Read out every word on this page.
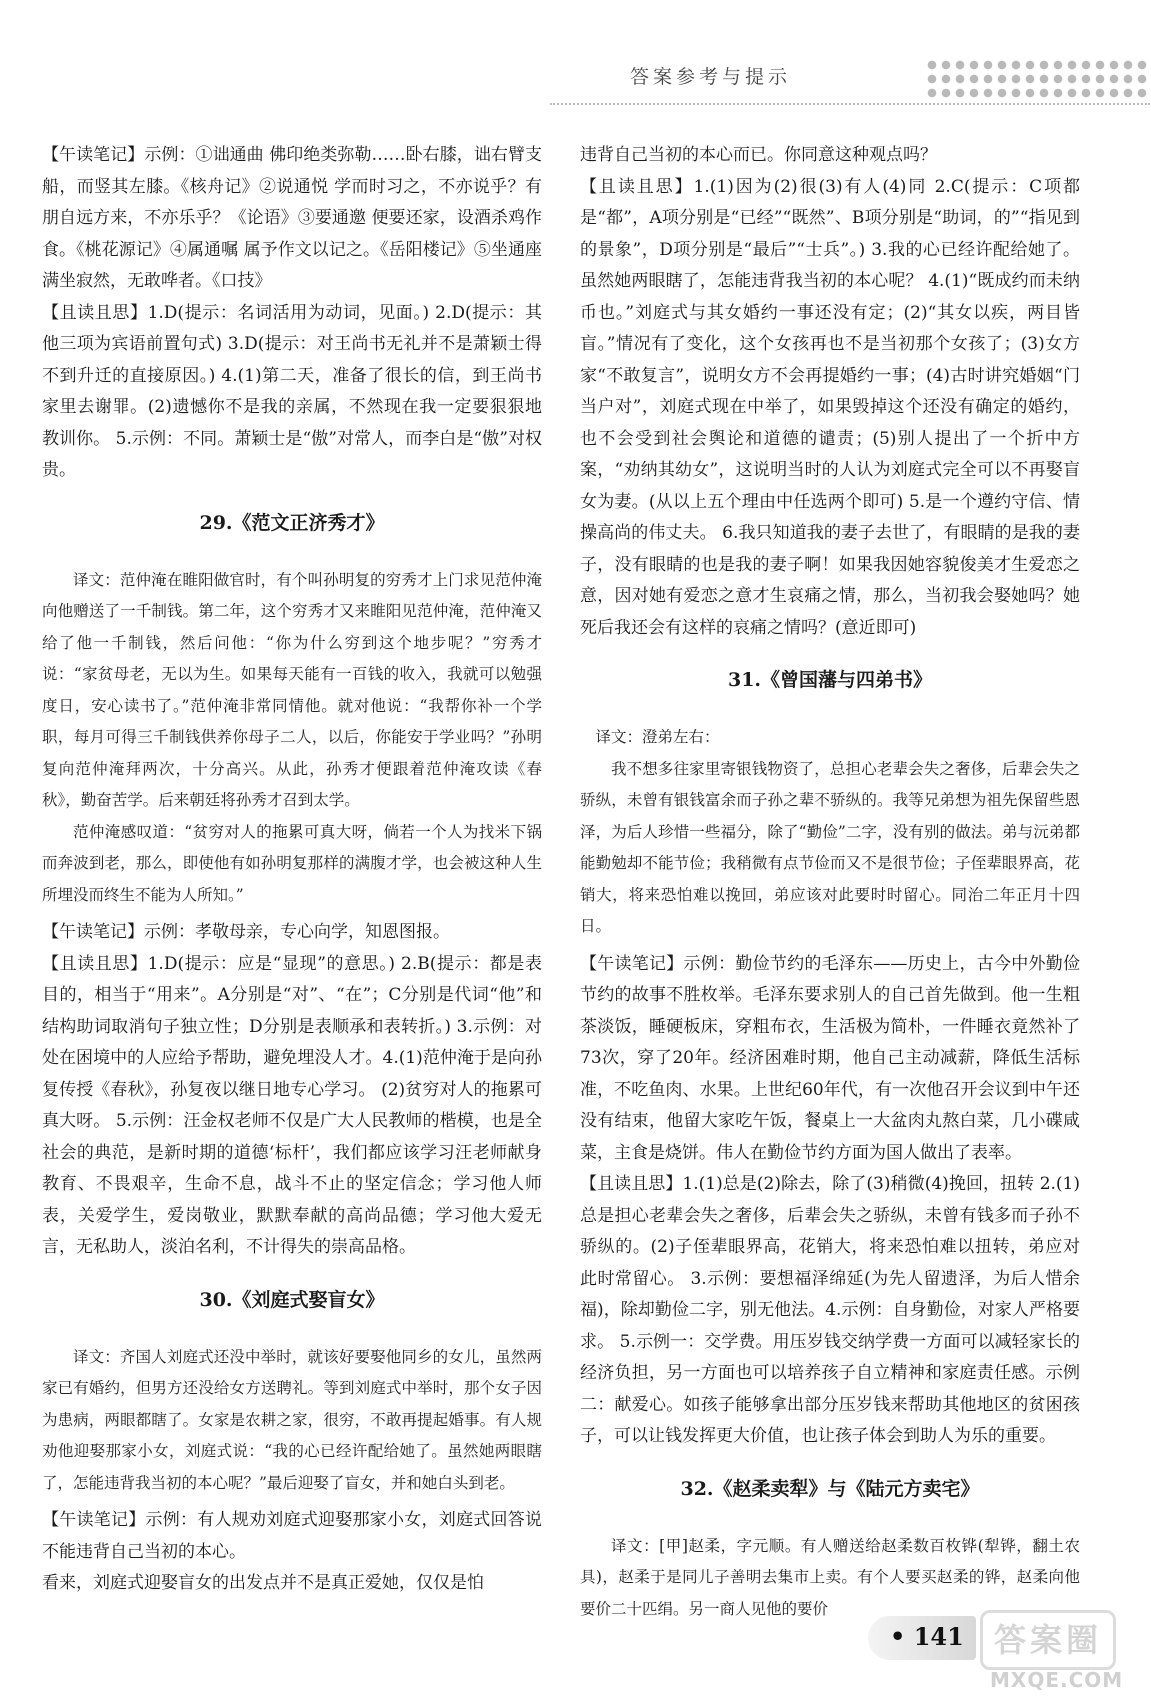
答案参考与提示

【午读笔记】示例：①诎通曲 佛印绝类弥勒……卧右膝，诎右臂支船，而竖其左膝。《核舟记》②说通悦 学而时习之，不亦说乎？有朋自远方来，不亦乐乎？《论语》③要通邀 便要还家，设酒杀鸡作食。《桃花源记》④属通嘱 属予作文以记之。《岳阳楼记》⑤坐通座 满坐寂然，无敢哗者。《口技》

【且读且思】1.D(提示：名词活用为动词，见面。) 2.D(提示：其他三项为宾语前置句式) 3.D(提示：对王尚书无礼并不是萧颖士得不到升迁的直接原因。) 4.(1)第二天，准备了很长的信，到王尚书家里去谢罪。(2)遗憾你不是我的亲属，不然现在我一定要狠狠地教训你。 5.示例：不同。萧颖士是“傲”对常人，而李白是“傲”对权贵。

29.《范文正济秀才》

译文：范仲淹在睢阳做官时，有个叫孙明复的穷秀才上门求见范仲淹向他赠送了一千制钱。第二年，这个穷秀才又来睢阳见范仲淹，范仲淹又给了他一千制钱，然后问他：“你为什么穷到这个地步呢？”穷秀才说：“家贫母老，无以为生。如果每天能有一百钱的收入，我就可以勉强度日，安心读书了。”范仲淹非常同情他。就对他说：“我帮你补一个学职，每月可得三千制钱供养你母子二人，以后，你能安于学业吗？”孙明复向范仲淹拜两次，十分高兴。从此，孙秀才便跟着范仲淹攻读《春秋》，勤奋苦学。后来朝廷将孙秀才召到太学。

范仲淹感叹道：“贫穷对人的拖累可真大呀，倘若一个人为找米下锅而奔波到老，那么，即使他有如孙明复那样的满腹才学，也会被这种人生所埋没而终生不能为人所知。”

【午读笔记】示例：孝敬母亲，专心向学，知恩图报。

【且读且思】1.D(提示：应是“显现”的意思。) 2.B(提示：都是表目的，相当于“用来”。A分别是“对”、“在”；C分别是代词“他”和结构助词取消句子独立性；D分别是表顺承和表转折。) 3.示例：对处在困境中的人应给予帮助，避免埋没人才。4.(1)范仲淹于是向孙复传授《春秋》，孙复夜以继日地专心学习。 (2)贫穷对人的拖累可真大呀。 5.示例：汪金权老师不仅是广大人民教师的楷模，也是全社会的典范，是新时期的道德‘标杆’，我们都应该学习汪老师献身教育、不畏艰辛，生命不息，战斗不止的坚定信念；学习他人师表，关爱学生，爱岗敬业，默默奉献的高尚品德；学习他大爱无言，无私助人，淡泊名利，不计得失的崇高品格。

30.《刘庭式娶盲女》

译文：齐国人刘庭式还没中举时，就该好要娶他同乡的女儿，虽然两家已有婚约，但男方还没给女方送聘礼。等到刘庭式中举时，那个女子因为患病，两眼都瞎了。女家是农耕之家，很穷，不敢再提起婚事。有人规劝他迎娶那家小女，刘庭式说：“我的心已经许配给她了。虽然她两眼瞎了，怎能违背我当初的本心呢？”最后迎娶了盲女，并和她白头到老。

【午读笔记】示例：有人规劝刘庭式迎娶那家小女，刘庭式回答说不能违背自己当初的本心。

看来，刘庭式迎娶盲女的出发点并不是真正爱她，仅仅是怕

违背自己当初的本心而已。你同意这种观点吗？

【且读且思】1.(1)因为(2)很(3)有人(4)同 2.C(提示：C项都是“都”，A项分别是“已经”“既然”、B项分别是“助词，的”“指见到的景象”，D项分别是“最后”“士兵”。) 3.我的心已经许配给她了。虽然她两眼瞎了，怎能违背我当初的本心呢？ 4.(1)“既成约而未纳币也。”刘庭式与其女婚约一事还没有定；(2)“其女以疾，两目皆盲。”情况有了变化，这个女孩再也不是当初那个女孩了；(3)女方家“不敢复言”，说明女方不会再提婚约一事；(4)古时讲究婚姻“门当户对”，刘庭式现在中举了，如果毁掉这个还没有确定的婚约，也不会受到社会舆论和道德的谴责；(5)别人提出了一个折中方案，“劝纳其幼女”，这说明当时的人认为刘庭式完全可以不再娶盲女为妻。(从以上五个理由中任选两个即可) 5.是一个遵约守信、情操高尚的伟丈夫。 6.我只知道我的妻子去世了，有眼睛的是我的妻子，没有眼睛的也是我的妻子啊！如果我因她容貌俊美才生爱恋之意，因对她有爱恋之意才生哀痛之情，那么，当初我会娶她吗？她死后我还会有这样的哀痛之情吗？(意近即可)

31.《曾国藩与四弟书》

译文：澄弟左右：

我不想多往家里寄银钱物资了，总担心老辈会失之奢侈，后辈会失之骄纵，未曾有银钱富余而子孙之辈不骄纵的。我等兄弟想为祖先保留些恩泽，为后人珍惜一些福分，除了“勤俭”二字，没有别的做法。弟与沅弟都能勤勉却不能节俭；我稍微有点节俭而又不是很节俭；子侄辈眼界高，花销大，将来恐怕难以挽回，弟应该对此要时时留心。同治二年正月十四日。

【午读笔记】示例：勤俭节约的毛泽东——历史上，古今中外勤俭节约的故事不胜枚举。毛泽东要求别人的自己首先做到。他一生粗茶淡饭，睡硬板床，穿粗布衣，生活极为简朴，一件睡衣竟然补了73次，穿了20年。经济困难时期，他自己主动减薪，降低生活标准，不吃鱼肉、水果。上世纪60年代，有一次他召开会议到中午还没有结束，他留大家吃午饭，餐桌上一大盆肉丸熬白菜，几小碟咸菜，主食是烧饼。伟人在勤俭节约方面为国人做出了表率。

【且读且思】1.(1)总是(2)除去，除了(3)稍微(4)挽回，扭转 2.(1)总是担心老辈会失之奢侈，后辈会失之骄纵，未曾有钱多而子孙不骄纵的。(2)子侄辈眼界高，花销大，将来恐怕难以扭转，弟应对此时常留心。 3.示例：要想福泽绵延(为先人留遗泽，为后人惜余福)，除却勤俭二字，别无他法。4.示例：自身勤俭，对家人严格要求。 5.示例一：交学费。用压岁钱交纳学费一方面可以减轻家长的经济负担，另一方面也可以培养孩子自立精神和家庭责任感。示例二：献爱心。如孩子能够拿出部分压岁钱来帮助其他地区的贫困孩子，可以让钱发挥更大价值，也让孩子体会到助人为乐的重要。

32.《赵柔卖犁》与《陆元方卖宅》

译文：[甲]赵柔，字元顺。有人赠送给赵柔数百枚铧(犁铧，翻土农具)，赵柔于是同儿子善明去集市上卖。有个人要买赵柔的铧，赵柔向他要价二十匹绢。另一商人见他的要价

• 141 答案圈
MXQE.COM
